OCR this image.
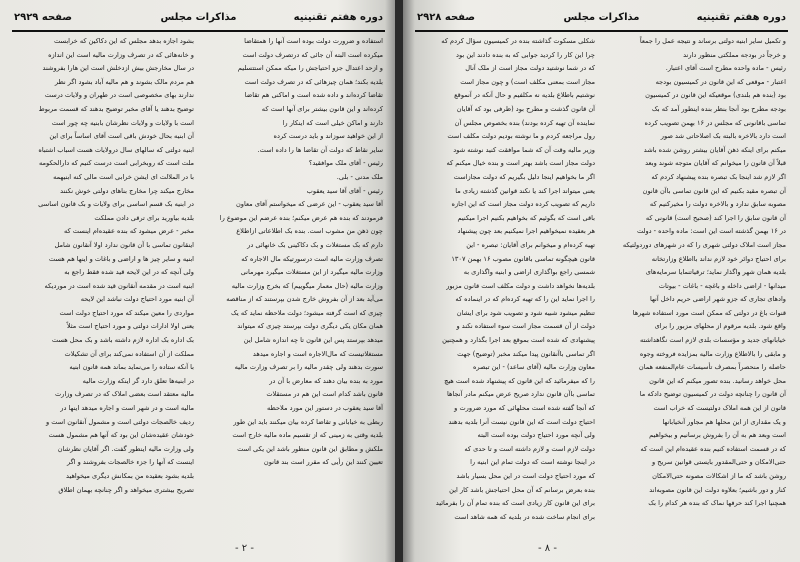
دوره هفتم تقنينيه
مذاکرات مجلس
صفحه ۲۹۲۹

استفاده و ضرورت دولت بوده است آنها را همتقاضا

میکرده است البته آن جائی که درتصرف دولت است

و ازحد اعتدال جزو احتیاجش را میکه ممکن استتسلیم

بلدیه بکند؛ همان چیزهائی که در تصرف دولت است

تقاضا کرده‌اند و داده شده است و اماکنی هم تقاضا

کرده‌اند و این قانون بیشتر برای آنها است که

دارند و اماکن خیلی است که اینکار را

از این خواهید سوزاند و باید درست کرده

سایر نقاط که دولت آن تقاضا ها را داده است.

رئیس - آقای ملک موافقید؟

ملک مدنی - بلی.

رئیس - آقای آقا سید یعقوب

آقا سید یعقوب - این عرضی که میخواستم آقای معاون

فرمودند که بنده هم عرض میکنم؛ بنده عرضم این موضوع را

چون ذهن من مشوب است. بنده بک اطلاعاتی ازاطلاع

دارم که بک مستغلات و بک دکاکینی بک خانهائی در

تصرف وزارت مالیه است درسورتیکه مال الاجاره که

وزارت مالیه میگیرد از این مستغلات میگیرد مهرمانی

وزارت مالیه (حال معمار میگوییم) که بخرج وزارت مالیه

می‌آید بعد از آن بفروش خارج شدن بپرستند که از مناقصه

چیزی که است گرفته میشود؛ دولت ملاحظه نماید که یک

همان مکان یکی دیگری دولت بپرستد چیزی که میتواند

میدهد بپرستد پس این قانون تا چه اندازه شامل این

مستغلاتیست که مال‌الاجاره است و اجاره میدهد

سورت بدهند ولی چقدر مالیه را بر تصرف وزارت مالیه

مورد به بنده بیان دهند که معارض با آن در

قانون باشد کدام است این هم در مستقلات

آقا سید یعقوب در دستور این مورد ملاحظه

ربطی به خیابانی و تقاضا کرده بیان میکنند باید این طور

بلدیه وقتی به زمینی که از تقسیم ماده مالیه خارج است

ملکش و مطابق این قانون منظور باشد این یکی است

تعیین کنند این رأیی که مقرر است بند قانون

بشود اجازه بدهد مجلس که این دکاکین که خرابست

و خانه‌هائی که در تصرف وزارت مالیه است این اندازه

در سال مخارجش بیش ازدخلش است این هارا بفروشند

هم مردم مالک بشوند و هم مالیه آباد بشود اگر نظر

ندارند بهای مخصوصی است در طهران و ولایات درست

توضیح بدهند یا آقای مخبر توضیح بدهند که قسمت مربوط

است با ولایات و ولایات نظرشان بابنیه چه چور است

آن ابنیه بحال خودش باقی است آقای اساساً برای این

ابنیه دولتی که سالهای سال درولایات هست اسباب اشتباه

ملت است که روبخرابی است درست کنیم که دارالحکومه

با در الملالت ای ایشن خرابی است مالی کنه ابنیهمه

مخارج میکند چرا مخارج بناهای دولتی خوش نکنند

در ابنیه بک قسم اساسی برای ولایات و بک قانون اساسی

بلدیه بیاورید برای ترقی دادن مملکت

مخبر - عرض میشود که بنده عقیده‌ام اینست که

اینقانون تماسی با آن قانون ندارد اولا آنقانون شامل

ابنیه و سایر چیز ها و اراضی و باغات و اینها هم هست

ولی آنچه که در این لایحه قید شده فقط راجع به

ابنیه است در مقدمه آنقانون قید شده است در موردیکه

آن ابنیه مورد احتیاج دولت نباشد این لایحه

مواردی را معین میکند که مورد احتیاج دولت است

یعنی اولا ادارات دولتی و مورد احتیاج است مثلاً

بک اداره بک اداره لازم داشته باشد و بک محل هست

مملکت از آن استفاده نمی‌کند برای آن تشکیلات

با آنکه ستاده را می‌نماید بماند همه قانون ابنیه

در ابنیه‌ها تعلق دارد گر اینکه وزارت مالیه

مالیه معتقد است بعضی املاک که در تصرف وزارت

مالیه است و در شهر است و اجاره میدهد اینها در

ردیف خالصجات دولتی است و مشمول آنقانون است و

خودشان عقیده‌شان این بود که آنها هم مشمول هست

ولی وزارت مالیه اینطور گفت. اگر آقایان نظرشان

اینست که آنها را جزء خالصجات بفروشند و اگر

بلدیه بشود بعقیده من بمکانش دیگری میخواهید

تصریح بیشتری میخواهد و اگر چنانچه بهمان اطلاق

- ۲ -
دوره هفتم تقنینیه
مذاکرات مجلس
صفحه ۲۹۲۸

و تکمیل سایر ابنیه دولتی برساند و نتیجه عمل را جمعاً

و خرجاً در بودجه مملکتی منظور دارند

رئیس - ماده واحده مطرح است آقای اعتبار.

اعتبار - موقعی که این قانون در کمیسیون بودجه

بود (بنده هم بلندی) موقعیکه این قانون در کمیسیون

بودجه مطرح بود آنجا بنظر بنده اینطور آمد که بک

تماسی باقانونی که مجلس در ۱۶ بهمن تصویب کرده

است دارد بالاخره بالبته بک اصلاحاتی شد صور

میکنم برای اینکه ذهن آقایان بیشتر روشن شده باشد

قبلاً آن قانون را میخوانم که آقایان متوجه شوند وبعد

اگر لازم شد اینجا بک تبصره بنده پیشنهاد کردم که

آن تبصره مقید بکنیم که این قانون تماسی باآن قانون

مصوبه سابق ندارد و بالاخره دولت را مخیرکنیم که

آن قانون سابق را اجرا کند (صحیح است) قانونی که

در ۱۶ بهمن گذشته است این است: ماده واحده - دولت

مجاز است املاک دولتی شهری را که در شهرهای دوردولتیکه

برای احتیاج دوائر خود لازم نداند بااطلاع وزارتخانه

بلدیه همان شهر واگذار نماید؛ ترقیاتنمایا سرمایه‌های

میدانها - اراضی داخله و باغچه - باغات - بیوتات

وادهای تجاری که جزو شهر اراضی حریم داخل آنها

قنوات باغ در دولتی که ممکن است مورد استفاده شهرها

واقع شود. بلدیه مرقوم از محلهای مزبور را برای

خیابانهای جدید و مؤسسات بلدی لازم است نگاهداشته

و مابقی را بالاطلاع وزارت مالیه بمزایده فروخته وجوه

حاصله را منحصراً بمصرف تأسیسات عام‌المنفعه همان

محل خواهد رسانید. بنده تصور میکنم که این قانون

آن قانون را چنانچه دولت در کمیسیون توضیح دادکه ما

قانون از این همه املاک دولتیست که خراب است

و یک مقداری از این محلها هم مجاور آنخیابانها

است وبعد هم به آن را بفروش برسانیم و بیخواهیم

که در قسمت استفاده کنیم بنده عقیده‌ام این است که

حتی‌الامکان و حتی‌المقدور بایستی قوانین سریح و

روشن باشد که ما از اشکالات مصونه حتی‌الامکان

کنار و دور باشیم؛ بعلاوه دولت این قانون مصوبه‌اند

همچنیا اجرا کند حرفها نماک که بنده هر کدام را بک

شکلی مسکوت گذاشته بنده در کمیسیون سؤال کردم که

چرا این کار را کردید جوابی که به بنده دادند این بود

که در شما نوشتید دولت مجاز است از ملک آنال

مجاز است بمعنی مکلف است) و چون مجاز است

نوشتیم باطلاع بلدیه نه مکلفیم و حال آنکه در آنموقع

آن قانون گذشت و مطرح بود (ظرفی بود که آقایان

نماینده آن تهیه کرده بودند) بنده بخصوص مجلس آن

رول مراجعه کردم و ما نوشته بودیم دولت مکلف است

وزیر مالیه وقت آن که شما موافقت کنید نوشته شود

دولت مجاز است باشد بهتر است و بنده خیال میکنم که

اگر ما بخواهیم اینجا دلیل بگیریم که دولت مجازاست

یعنی میتواند اجرا کند یا نکند قوانین گذشته زیادی ما

داریم که تصویب کرده دولت مجاز است که این اجازه

باقی است که بگوئیم که بخواهیم بکنیم اجرا میکنیم

هر بعقیده نمیخواهیم اجرا نمیکنیم بعد چون پیشنهاد

تهیه کرده‌ام و میخوانم برای آقایان: تبصره - این

قانون هیچگونه تماسی باقانون مصوب ۱۶ بهمن ۱۳۰۷

شمسی راجع بواگذاری اراضی و ابنیه واگذاری به

بلدیه‌ها نخواهد داشت و دولت مکلف است قانون مزبور

را اجرا نماید این را که تهیه کرده‌ام که در اینماده که

تنظیم میشود شبیه شود و تصویب شود برای ایشان

دولت از آن قسمت مجاز است سوء استفاده نکند و

پیشنهادی که شده است بموقع بعد اجرا بگذارد و همچنین

اگر تماسی باآنقانون پیدا میکند مخبر (توضیح) جهت

معاون وزارت مالیه (آقای ساعد) - این تبصره

را که میفرمائید که این قانون که پیشنهاد شده است هیچ

تماسی باآن قانون ندارد صریح عرض میکنم مادر آنجاها

که آنجا گفته شده است محلهائی که مورد ضرورت و

احتیاج دولت است که این قانون نیست آنرا بلدیه بدهند

ولی آنچه مورد احتیاج دولت بوده است البته

دولت لازم است و لازم داشته است و تا حدی که

در اینجا نوشته است که دولت تمام این ابنیه را

که مورد احتیاج دولت است در این محل بسیار باشد

بنده بعرض برسانم که آن محل احتیاجش باشد کار این

برای این قانون کار زیادی است که بنده تمام آن را بفرمائید

برای انجام ساخت شده در بلدیه که همه شاهد است

- ۸ -
